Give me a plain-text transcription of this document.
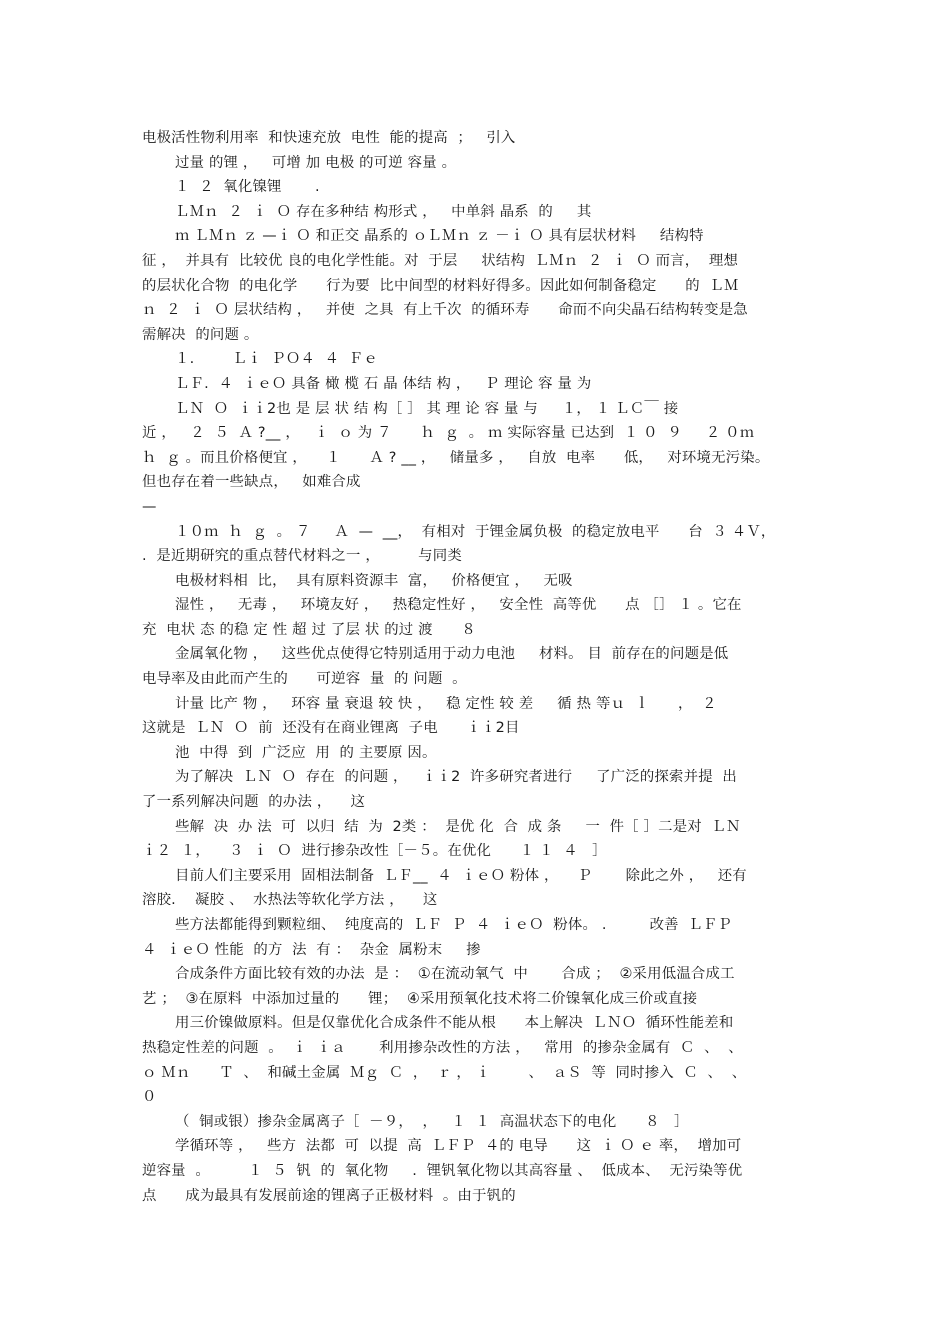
电极活性物利用率  和快速充放  电性  能的提高  ；   引入
过量 的锂 ，   可增 加 电极 的可逆 容量 。
１  ２  氧化镍锂       .
ＬＭｎ  ２  ｉ  Ｏ 存在多种结 构形式 ，   中单斜 晶系  的     其
ｍ ＬＭｎ ｚ —ｉ Ｏ 和正交 晶系的 ｏＬＭｎ ｚ －ｉ Ｏ 具有层状材料     结构特
征 ，  并具有  比较优 良的电化学性能。对  于层     状结构  ＬＭｎ  ２  ｉ  Ｏ 而言，  理想
的层状化合物  的电化学      行为要  比中间型的材料好得多。因此如何制备稳定      的  ＬＭ
ｎ  ２  ｉ  Ｏ 层状结构 ，   并使  之具  有上千次  的循环寿      命而不向尖晶石结构转变是急
需解决  的问题 。
１.        Ｌｉ  ＰＯ４  ４  Ｆｅ
ＬＦ.  ４  ｉｅＯ 具备 橄 榄 石 晶 体结 构 ，   Ｐ 理论 容 量 为
ＬＮ  Ｏ  ｉｉ2也 是 层 状 结 构［ ］ 其 理 论 容 量 与     １， １ ＬＣ￣ 接
近 ，   ２  ５  Ａ ?__ ，   ｉ  ｏ 为 ７      ｈ  ｇ  。 ｍ 实际容量 已达到  １ ０  ９     ２ ０ｍ
ｈ  ｇ 。而且价格便宜 ，    １      Ａ ? __ ，   储量多 ，   自放  电率      低，   对环境无污染。
但也存在着一些缺点，   如难合成
—
１０ｍ  ｈ  ｇ  。 ７     Ａ  —  __，  有相对  于锂金属负极  的稳定放电平      台  ３ ４Ｖ，
.  是近期研究的重点替代材料之一 ，        与同类
电极材料相  比，  具有原料资源丰  富，   价格便宜 ，   无吸
湿性 ，   无毒 ，   环境友好 ，   热稳定性好 ，   安全性  高等优      点 ［］ １ 。它在
充  电状 态 的稳 定 性 超 过 了层 状 的过 渡      ８
金属氧化物 ，   这些优点使得它特别适用于动力电池     材料。 目  前存在的问题是低
电导率及由此而产生的      可逆容  量  的 问题  。
计量 比产 物 ，   环容 量 衰退 较 快 ，   稳 定性 较 差     循 热 等ｕ  ｌ      ，  ２
这就是  ＬＮ  Ｏ  前  还没有在商业锂离  子电      ｉｉ2目
池  中得  到  广泛应  用  的 主要原 因。
为了解决  ＬＮ  Ｏ  存在  的问题 ，   ｉｉ2  许多研究者进行     了广泛的探索并提  出
了一系列解决问题  的办法 ，    这
些解  决  办 法  可  以归  结  为  2类 ：  是优 化  合  成 条     一  件［ ］二是对  ＬＮ
ｉ２  １，    ３  ｉ  Ｏ  进行掺杂改性［－５。在优化      １ １  ４   ］
目前人们主要采用  固相法制备  ＬＦ__  ４  ｉｅＯ 粉体 ，    Ｐ       除此之外 ，   还有
溶胶.    凝胶 、  水热法等软化学方法 ，    这
些方法都能得到颗粒细、  纯度高的  ＬＦ  Ｐ  ４  ｉｅＯ  粉体。 .         改善  ＬＦＰ
４  ｉｅＯ 性能  的方  法  有 ：  杂金  属粉末     掺
合成条件方面比较有效的办法  是 ：  ①在流动氧气  中       合成 ；  ②采用低温合成工
艺 ；  ③在原料  中添加过量的      锂；  ④采用预氧化技术将二价镍氧化成三价或直接
用三价镍做原料。但是仅靠优化合成条件不能从根      本上解决  ＬＮＯ  循环性能差和
热稳定性差的问题  。  ｉ  ｉａ       利用掺杂改性的方法 ，   常用  的掺杂金属有  Ｃ  、  、
ｏ Ｍｎ      Ｔ  、  和碱土金属  Ｍｇ  Ｃ  ，  ｒ ， ｉ        、  ａＳ  等  同时掺入  Ｃ  、  、
０
（  铜或银）掺杂金属离子［  －９，  ，   １  １  高温状态下的电化      ８   ］
学循环等 ，   些方  法都  可  以提  高  ＬＦＰ  ４的 电导      这  ｉ Ｏ ｅ 率，  增加可
逆容量  。        １  ５  钒  的  氧化物     .  锂钒氧化物以其高容量 、  低成本、  无污染等优
点      成为最具有发展前途的锂离子正极材料  。由于钒的
